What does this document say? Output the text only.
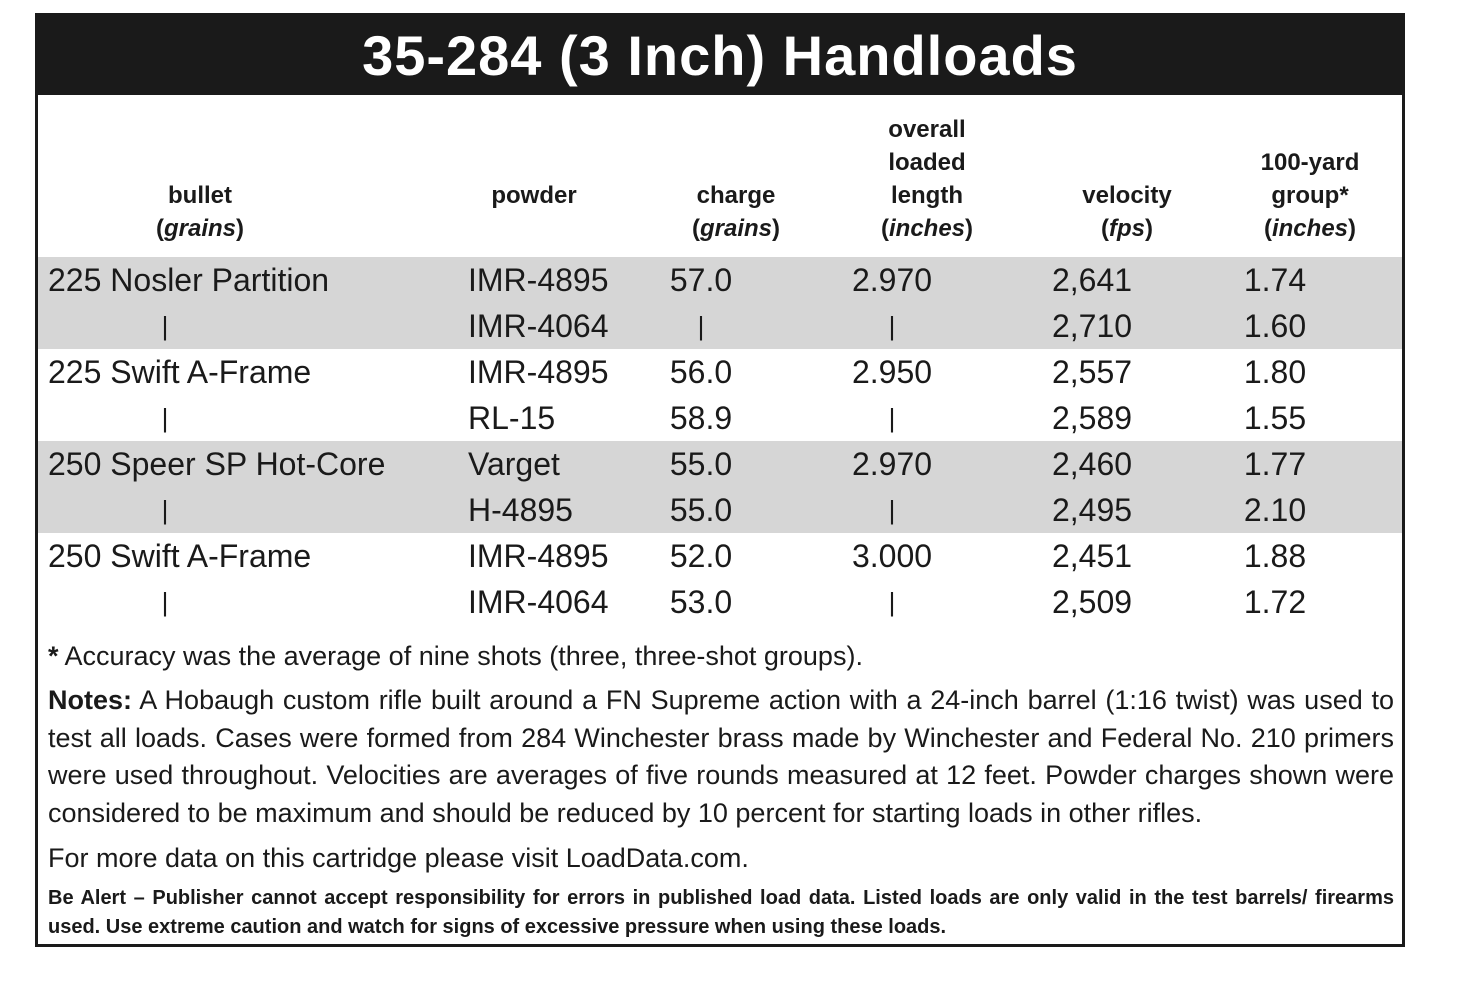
35-284 (3 Inch) Handloads
bullet
(grains)
powder
	charge
(grains)
overall
loaded
length
(inches)
velocity
(fps)
100-yard
group*
(inches)
225 Nosler Partition	IMR-4895 57.0	2.970	2,641	1.74
|	IMR-4064	|	|	2,710	1.60
225 Swift A-Frame	IMR-4895 56.0	2.950	2,557	1.80
|	RL-15	58.9	|	2,589	1.55
250 Speer SP Hot-Core	Varget	55.0	2.970	2,460	1.77
|	H-4895	55.0	|	2,495	2.10
250 Swift A-Frame	IMR-4895 52.0	3.000	2,451	1.88
|	IMR-4064 53.0	|	2,509	1.72
* Accuracy was the average of nine shots (three, three-shot groups).
Notes: A Hobaugh custom rifle built around a FN Supreme action with a 24-inch barrel (1:16 twist) was used to test all loads. Cases were formed from 284 Winchester brass made by Winchester and Federal No. 210 primers were used throughout. Velocities are averages of five rounds measured at 12 feet. Powder charges shown were considered to be maximum and should be reduced by 10 percent for starting loads in other rifles.
For more data on this cartridge please visit LoadData.com.
Be Alert – Publisher cannot accept responsibility for errors in published load data. Listed loads are only valid in the test barrels/ firearms used. Use extreme caution and watch for signs of excessive pressure when using these loads.
